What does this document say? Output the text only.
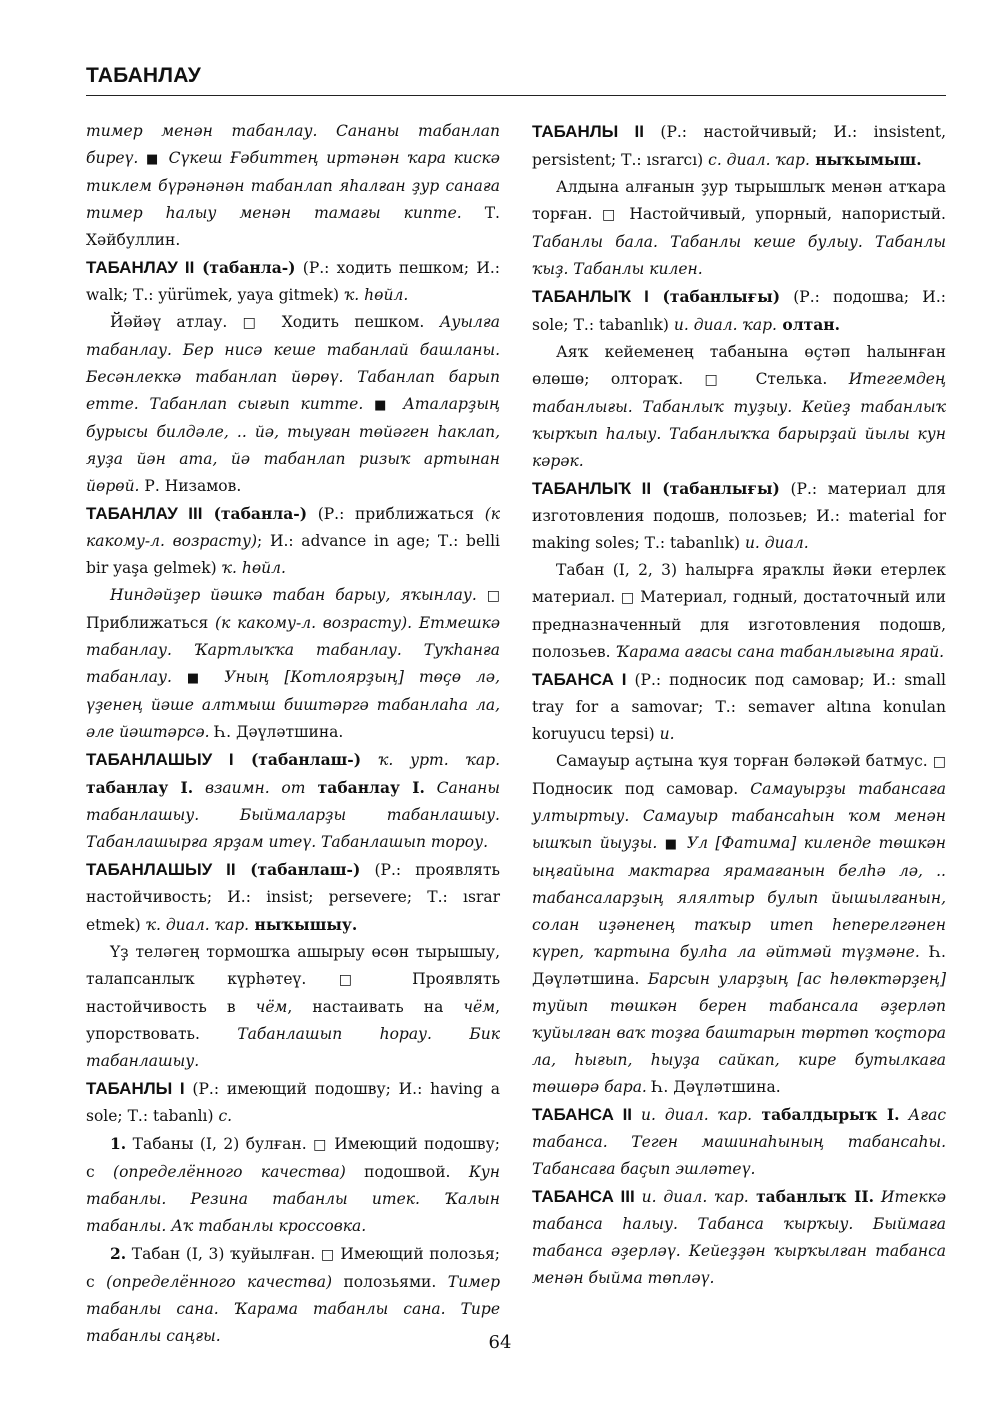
ТАБАНЛАУ

тимер менән табанлау. Сананы табанлап биреү. ■ Сүкеш Ғәбиттең иртәнән ҡара кискә тиклем бүрәнәнән табанлап яһалған ҙур санаға тимер һалыу менән тамағы кипте. Т. Хәйбуллин.

ТАБАНЛАУ II (табанла-) (Р.: ходить пешком; И.: walk; Т.: yürümek, yaya gitmek) ҡ. һөйл.

Йәйәү атлау. □ Ходить пешком. Ауылға табанлау. Бер нисә кеше табанлай башланы. Бесәнлеккә табанлап йөрөү. Табанлап барып етте. Табанлап сығып китте. ■ Аталарҙың бурысы билдәле, .. йә, тыуған төйәген һаклап, яуҙа йән ата, йә табанлап ризыҡ артынан йөрөй. Р. Низамов.

ТАБАНЛАУ III (табанла-) (Р.: приближаться (к какому-л. возрасту); И.: advance in age; Т.: belli bir yaşa gelmek) ҡ. һөйл.

Ниндәйҙер йәшкә табан барыу, яҡынлау. □ Приближаться (к какому-л. возрасту). Етмешкә табанлау. Ҡартлыҡҡа табанлау. Туҡһанға табанлау. ■ Уның [Котлоярҙың] төҫө лә, үҙенең йәше алтмыш биштәргә табанлаһа ла, әле йәштәрсә. Һ. Дәүләтшина.

ТАБАНЛАШЫУ I (табанлаш-) ҡ. урт. ҡар. табанлау I. взаимн. от табанлау I. Сананы табанлашыу. Быймаларҙы табанлашыу. Табанлашырға ярҙам итеү. Табанлашып тороу.

ТАБАНЛАШЫУ II (табанлаш-) (Р.: проявлять настойчивость; И.: insist; persevere; Т.: ısrar etmek) ҡ. диал. ҡар. ныҡышыу.

Үҙ теләгең тормошҡа ашырыу өсөн тырышыу, талапсанлыҡ күрһәтеү. □ Проявлять настойчивость в чём, настаивать на чём, упорствовать. Табанлашып һорау. Бик табанлашыу.

ТАБАНЛЫ I (Р.: имеющий подошву; И.: having a sole; Т.: tabanlı) с.

1. Табаны (I, 2) булған. □ Имеющий подошву; с (определённого качества) подошвой. Кун табанлы. Резина табанлы итек. Ҡалын табанлы. Аҡ табанлы кроссовка.

2. Табан (I, 3) ҡуйылған. □ Имеющий полозья; с (определённого качества) полозьями. Тимер табанлы сана. Ҡарама табанлы сана. Тире табанлы саңғы.

ТАБАНЛЫ II (Р.: настойчивый; И.: insistent, persistent; Т.: ısrarcı) с. диал. ҡар. ныҡымыш.

Алдына алғанын ҙур тырышлыҡ менән атҡара торған. □ Настойчивый, упорный, напористый. Табанлы бала. Табанлы кеше булыу. Табанлы ҡыҙ. Табанлы килен.

ТАБАНЛЫҠ I (табанлығы) (Р.: подошва; И.: sole; Т.: tabanlık) и. диал. ҡар. олтан.

Аяҡ кейеменең табанына өҫтәп һалынған өлөшө; олтораҡ. □ Стелька. Итегемдең табанлығы. Табанлыҡ туҙыу. Кейеҙ табанлыҡ ҡырҡып һалыу. Табанлыҡҡа барырҙай йылы кун кәрәк.

ТАБАНЛЫҠ II (табанлығы) (Р.: материал для изготовления подошв, полозьев; И.: material for making soles; Т.: tabanlık) и. диал.

Табан (I, 2, 3) һалырға яраҡлы йәки етерлек материал. □ Материал, годный, достаточный или предназначенный для изготовления подошв, полозьев. Ҡарама ағасы сана табанлығына ярай.

ТАБАНСА I (Р.: подносик под самовар; И.: small tray for a samovar; Т.: semaver altına konulan koruyucu tepsi) и.

Самауыр аҫтына ҡуя торған бәләкәй батмус. □ Подносик под самовар. Самауырҙы табансаға ултыртыу. Самауыр табансаһын ҡом менән ышҡып йыуҙы. ■ Ул [Фатима] киленде төшкән ыңғайына мактарға ярамағанын белһә лә, .. табансаларҙың ялялтыр булып йышылғанын, солан иҙәненең таҡыр итеп һеперелгәнен күреп, ҡартына булһа ла әйтмәй түҙмәне. Һ. Дәүләтшина. Барсын уларҙың [ас һөлөктәрҙең] туйып төшкән берен табансала әҙерләп ҡуйылған ваҡ тоҙға баштарын төртөп ҡоҫтора ла, һығып, һыуҙа сайкап, кире бутылкаға төшөрә бара. Һ. Дәүләтшина.

ТАБАНСА II и. диал. ҡар. табалдырыҡ I. Ағас табанса. Теген машинаһының табансаһы. Табансаға баҫып эшләтеү.

ТАБАНСА III и. диал. ҡар. табанлыҡ II. Итеккә табанса һалыу. Табанса ҡырҡыу. Быймаға табанса әҙерләү. Кейеҙҙән ҡырҡылған табанса менән быйма төпләү.

64
